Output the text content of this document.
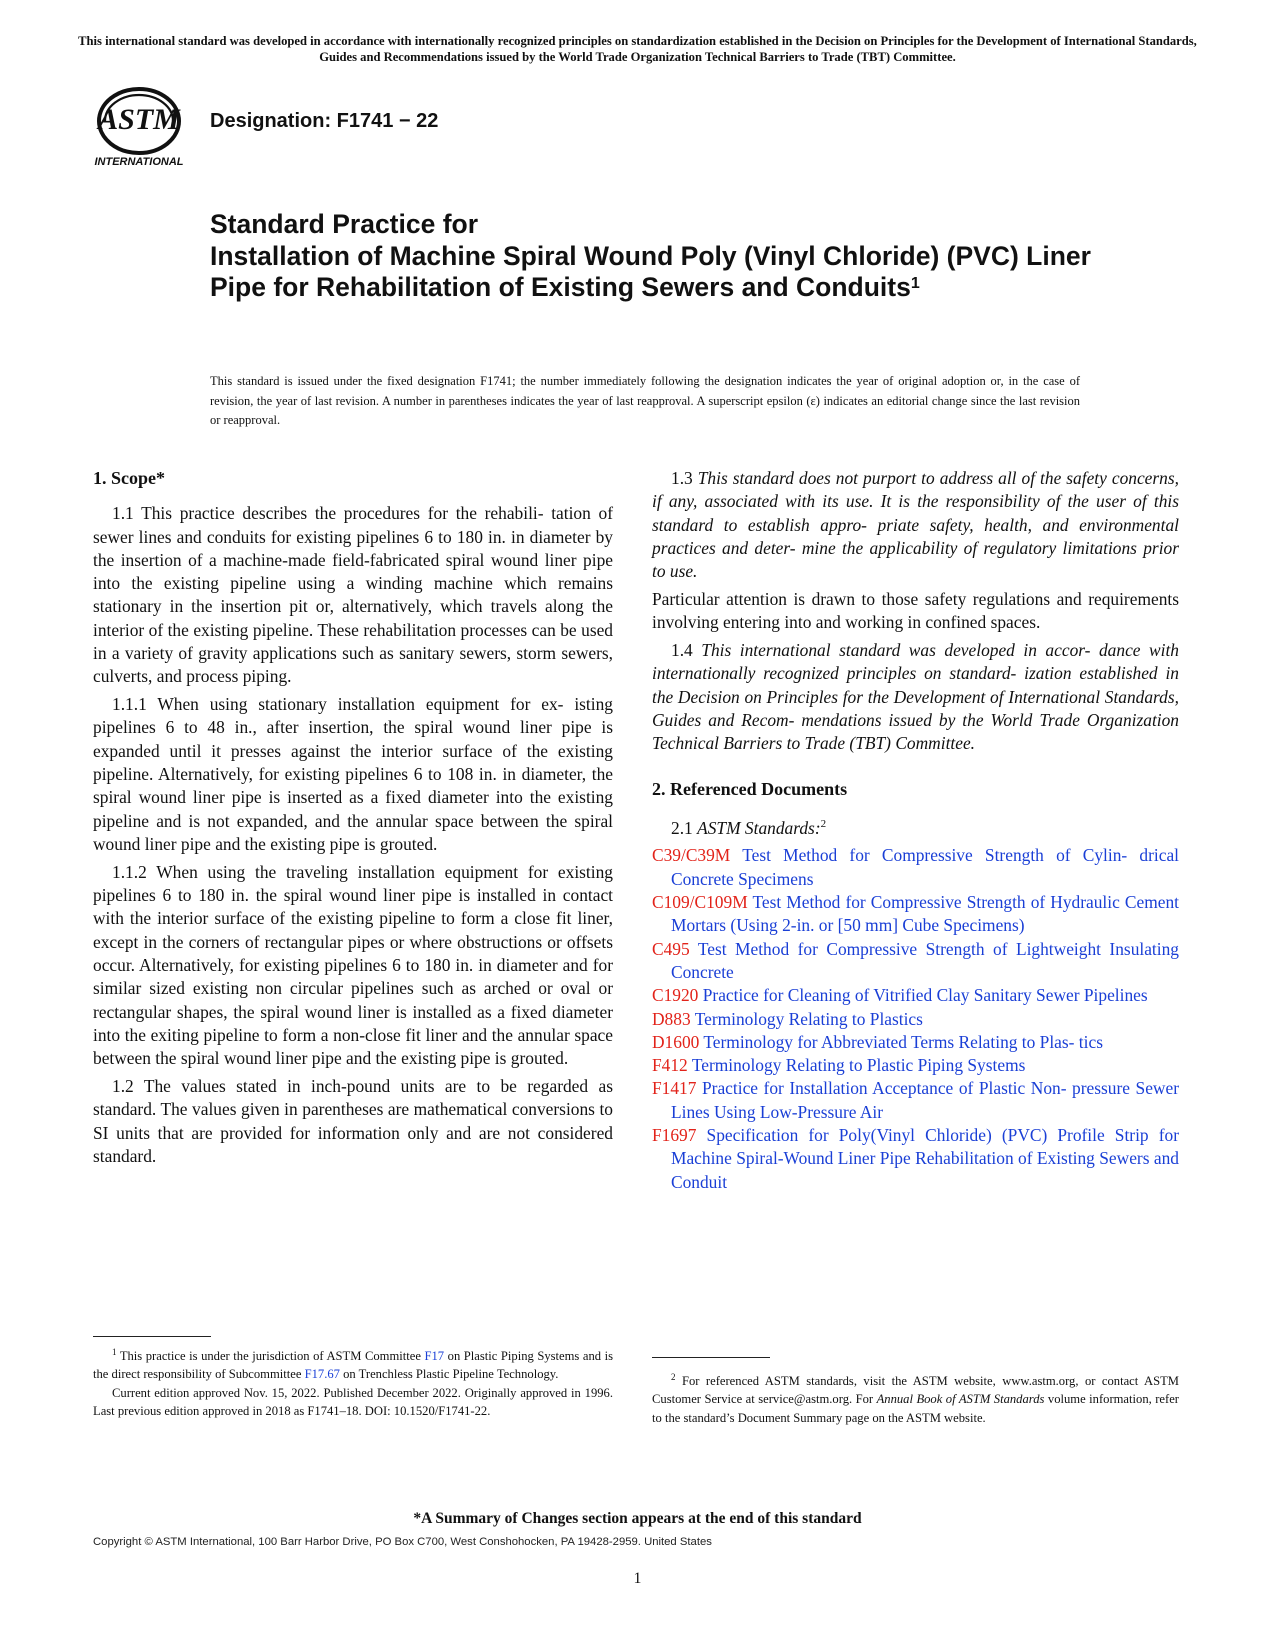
This international standard was developed in accordance with internationally recognized principles on standardization established in the Decision on Principles for the Development of International Standards, Guides and Recommendations issued by the World Trade Organization Technical Barriers to Trade (TBT) Committee.
ASTM
INTERNATIONAL
Designation: F1741 − 22
Standard Practice for
Installation of Machine Spiral Wound Poly (Vinyl Chloride) (PVC) Liner Pipe for Rehabilitation of Existing Sewers and Conduits$^1$
This standard is issued under the fixed designation F1741; the number immediately following the designation indicates the year of original adoption or, in the case of revision, the year of last revision. A number in parentheses indicates the year of last reapproval. A superscript epsilon (ε) indicates an editorial change since the last revision or reapproval.
1. Scope*

1.1 This practice describes the procedures for the rehabili- tation of sewer lines and conduits for existing pipelines 6 to 180 in. in diameter by the insertion of a machine-made field-fabricated spiral wound liner pipe into the existing pipeline using a winding machine which remains stationary in the insertion pit or, alternatively, which travels along the interior of the existing pipeline. These rehabilitation processes can be used in a variety of gravity applications such as sanitary sewers, storm sewers, culverts, and process piping.

1.1.1 When using stationary installation equipment for ex- isting pipelines 6 to 48 in., after insertion, the spiral wound liner pipe is expanded until it presses against the interior surface of the existing pipeline. Alternatively, for existing pipelines 6 to 108 in. in diameter, the spiral wound liner pipe is inserted as a fixed diameter into the existing pipeline and is not expanded, and the annular space between the spiral wound liner pipe and the existing pipe is grouted.

1.1.2 When using the traveling installation equipment for existing pipelines 6 to 180 in. the spiral wound liner pipe is installed in contact with the interior surface of the existing pipeline to form a close fit liner, except in the corners of rectangular pipes or where obstructions or offsets occur. Alternatively, for existing pipelines 6 to 180 in. in diameter and for similar sized existing non circular pipelines such as arched or oval or rectangular shapes, the spiral wound liner is installed as a fixed diameter into the exiting pipeline to form a non-close fit liner and the annular space between the spiral wound liner pipe and the existing pipe is grouted.

1.2 The values stated in inch-pound units are to be regarded as standard. The values given in parentheses are mathematical conversions to SI units that are provided for information only and are not considered standard.

1.3 This standard does not purport to address all of the safety concerns, if any, associated with its use. It is the responsibility of the user of this standard to establish appro- priate safety, health, and environmental practices and deter- mine the applicability of regulatory limitations prior to use.

Particular attention is drawn to those safety regulations and requirements involving entering into and working in confined spaces.

1.4 This international standard was developed in accor- dance with internationally recognized principles on standard- ization established in the Decision on Principles for the Development of International Standards, Guides and Recom- mendations issued by the World Trade Organization Technical Barriers to Trade (TBT) Committee.

2. Referenced Documents

2.1 ASTM Standards:$^2$

C39/C39M Test Method for Compressive Strength of Cylin- drical Concrete Specimens
C109/C109M Test Method for Compressive Strength of Hydraulic Cement Mortars (Using 2-in. or [50 mm] Cube Specimens)
C495 Test Method for Compressive Strength of Lightweight Insulating Concrete
C1920 Practice for Cleaning of Vitrified Clay Sanitary Sewer Pipelines
D883 Terminology Relating to Plastics
D1600 Terminology for Abbreviated Terms Relating to Plas- tics
F412 Terminology Relating to Plastic Piping Systems
F1417 Practice for Installation Acceptance of Plastic Non- pressure Sewer Lines Using Low-Pressure Air
F1697 Specification for Poly(Vinyl Chloride) (PVC) Profile Strip for Machine Spiral-Wound Liner Pipe Rehabilitation of Existing Sewers and Conduit

$^1$ This practice is under the jurisdiction of ASTM Committee F17 on Plastic Piping Systems and is the direct responsibility of Subcommittee F17.67 on Trenchless Plastic Pipeline Technology.

Current edition approved Nov. 15, 2022. Published December 2022. Originally approved in 1996. Last previous edition approved in 2018 as F1741–18. DOI: 10.1520/F1741-22.

$^2$ For referenced ASTM standards, visit the ASTM website, www.astm.org, or contact ASTM Customer Service at service@astm.org. For Annual Book of ASTM Standards volume information, refer to the standard’s Document Summary page on the ASTM website.

*A Summary of Changes section appears at the end of this standard
Copyright © ASTM International, 100 Barr Harbor Drive, PO Box C700, West Conshohocken, PA 19428-2959. United States
1
